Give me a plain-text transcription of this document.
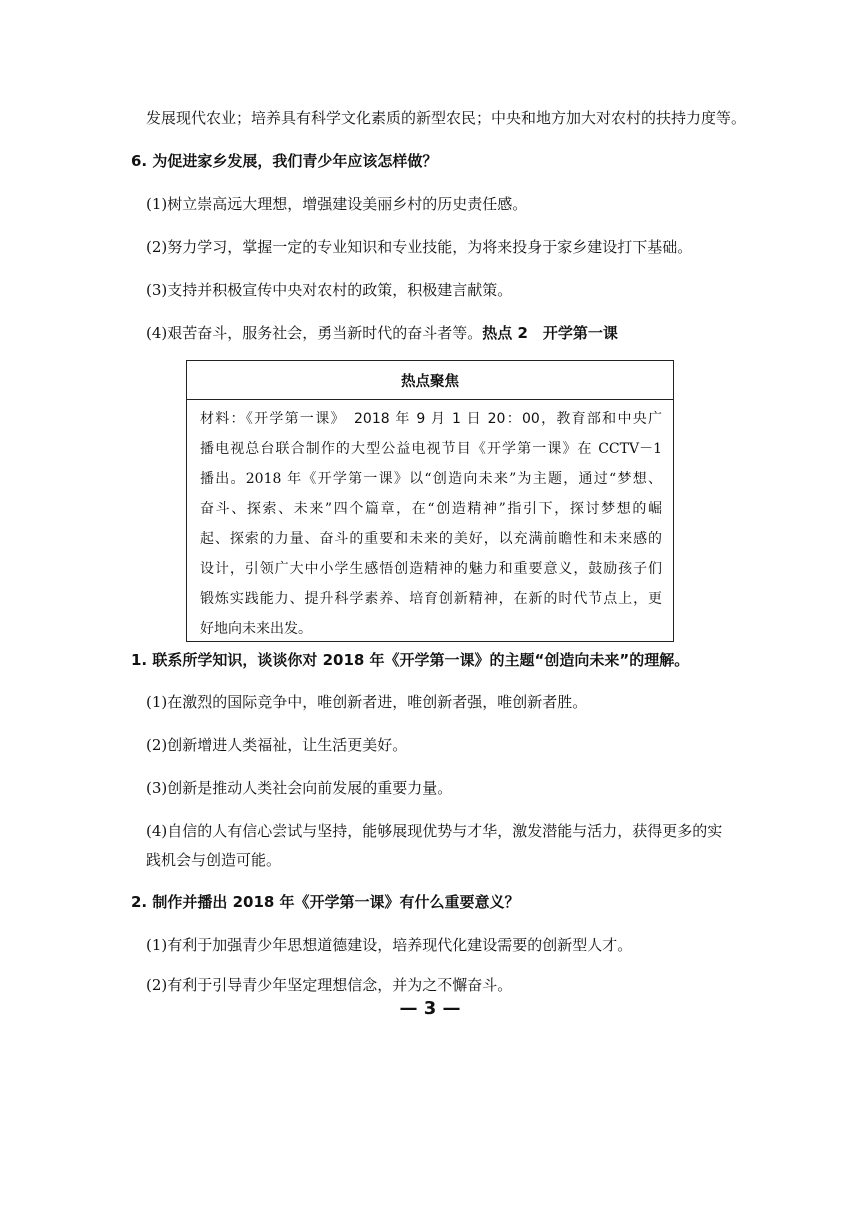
发展现代农业；培养具有科学文化素质的新型农民；中央和地方加大对农村的扶持力度等。
6. 为促进家乡发展，我们青少年应该怎样做？
(1)树立崇高远大理想，增强建设美丽乡村的历史责任感。
(2)努力学习，掌握一定的专业知识和专业技能，为将来投身于家乡建设打下基础。
(3)支持并积极宣传中央对农村的政策，积极建言献策。
(4)艰苦奋斗，服务社会，勇当新时代的奋斗者等。热点 2　开学第一课
热点聚焦
材料：《开学第一课》　2018 年 9 月 1 日 20：00，教育部和中央广
播电视总台联合制作的大型公益电视节目《开学第一课》在 CCTV－1
播出。2018 年《开学第一课》以“创造向未来”为主题，通过“梦想、
奋斗、探索、未来”四个篇章，在“创造精神”指引下，探讨梦想的崛
起、探索的力量、奋斗的重要和未来的美好，以充满前瞻性和未来感的
设计，引领广大中小学生感悟创造精神的魅力和重要意义，鼓励孩子们
锻炼实践能力、提升科学素养、培育创新精神，在新的时代节点上，更
好地向未来出发。
1. 联系所学知识，谈谈你对 2018 年《开学第一课》的主题“创造向未来”的理解。
(1)在激烈的国际竞争中，唯创新者进，唯创新者强，唯创新者胜。
(2)创新增进人类福祉，让生活更美好。
(3)创新是推动人类社会向前发展的重要力量。
(4)自信的人有信心尝试与坚持，能够展现优势与才华，激发潜能与活力，获得更多的实
践机会与创造可能。
2. 制作并播出 2018 年《开学第一课》有什么重要意义？
(1)有利于加强青少年思想道德建设，培养现代化建设需要的创新型人才。
(2)有利于引导青少年坚定理想信念，并为之不懈奋斗。
— 3 —
